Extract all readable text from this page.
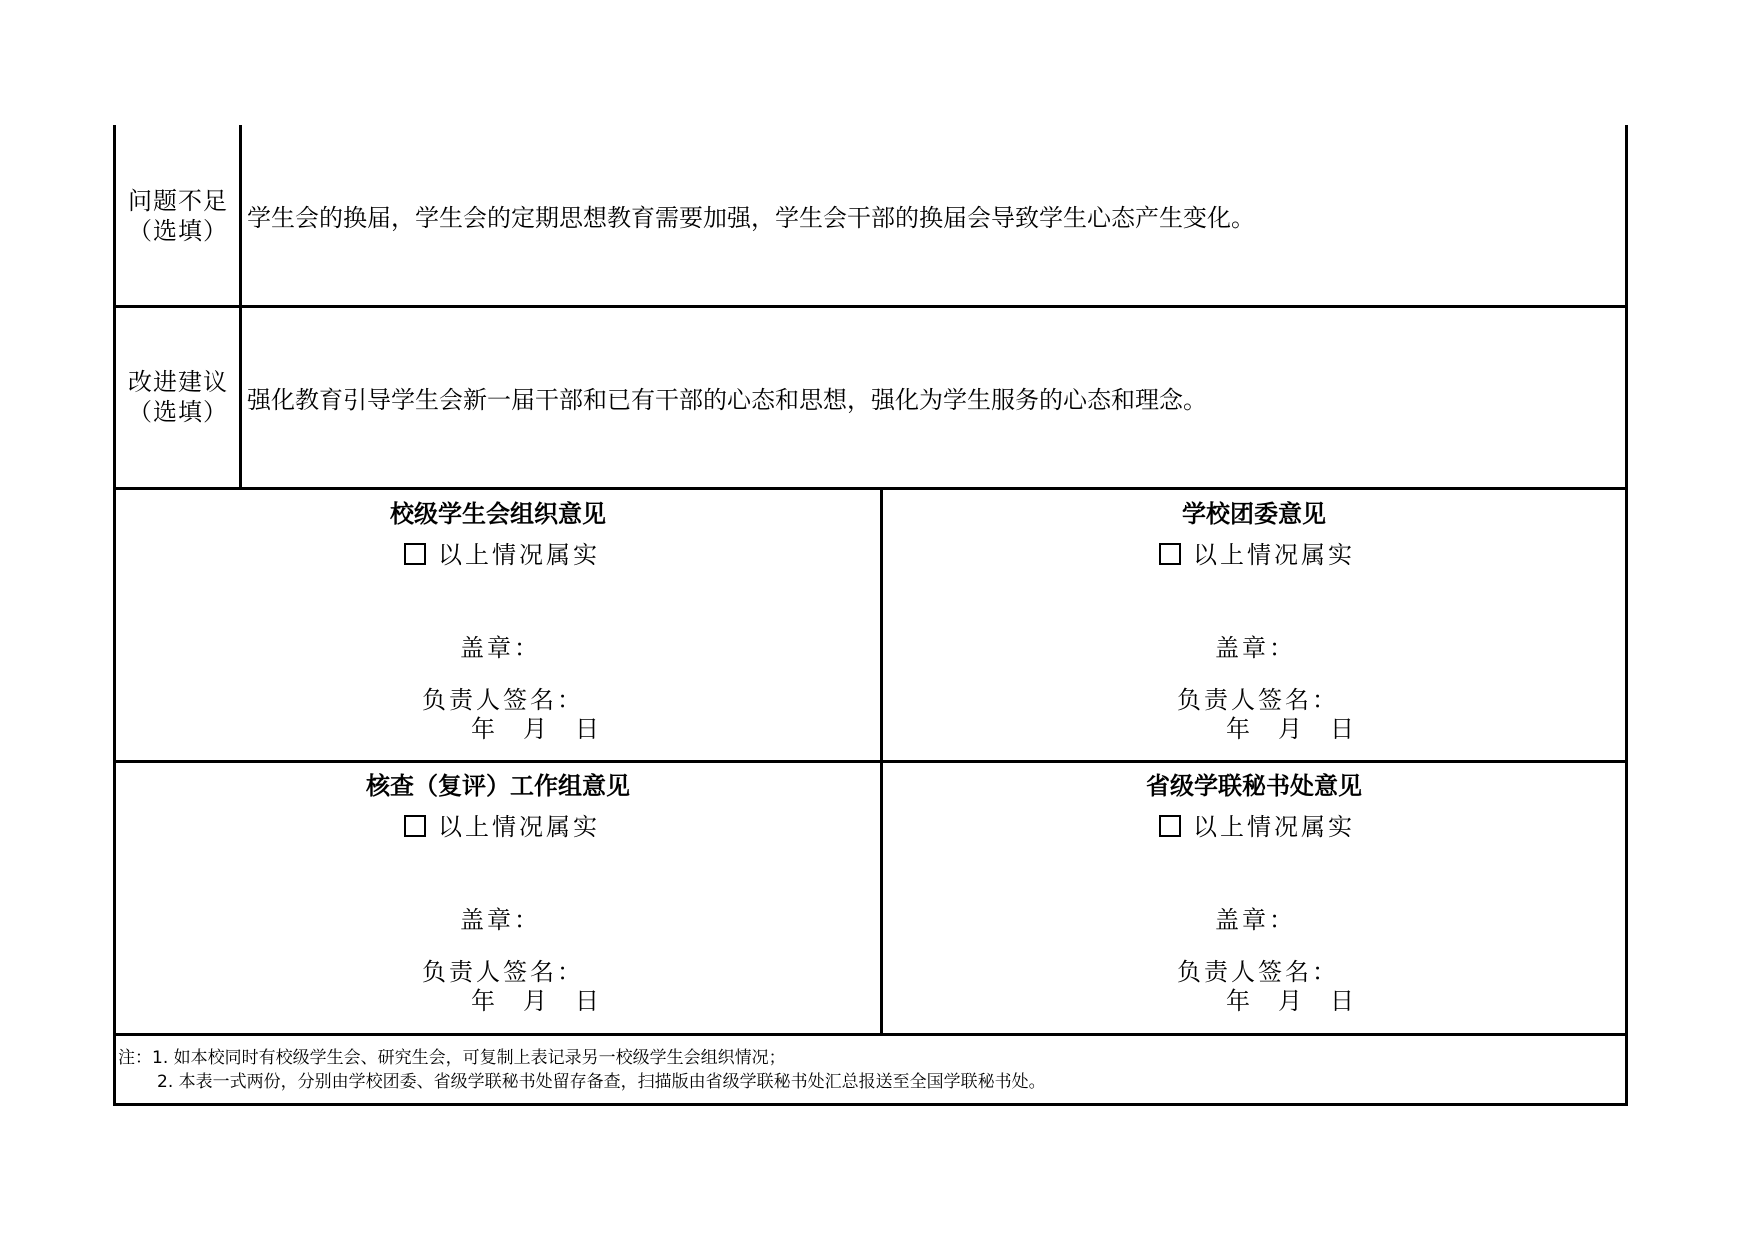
问题不足
（选填） 学生会的换届，学生会的定期思想教育需要加强，学生会干部的换届会导致学生心态产生变化。
改进建议
（选填） 强化教育引导学生会新一届干部和已有干部的心态和思想，强化为学生服务的心态和理念。
校级学生会组织意见
以上情况属实
盖章：
负责人签名：
年　月　日
学校团委意见
以上情况属实
盖章：
负责人签名：
年　月　日
核查（复评）工作组意见
以上情况属实
盖章：
负责人签名：
年　月　日
省级学联秘书处意见
以上情况属实
盖章：
负责人签名：
年　月　日
注：1. 如本校同时有校级学生会、研究生会，可复制上表记录另一校级学生会组织情况；
2. 本表一式两份，分别由学校团委、省级学联秘书处留存备查，扫描版由省级学联秘书处汇总报送至全国学联秘书处。
